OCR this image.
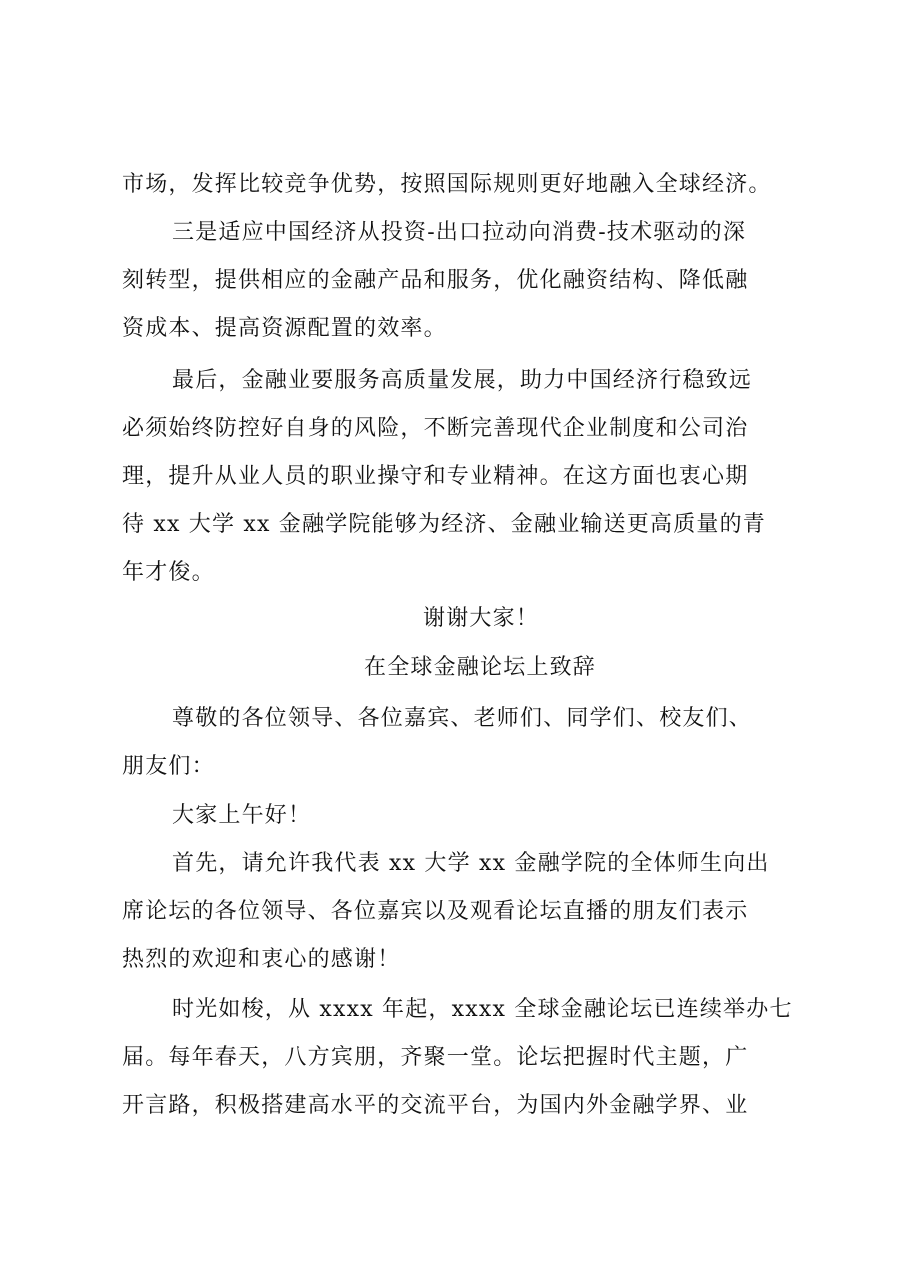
市场，发挥比较竞争优势，按照国际规则更好地融入全球经济。
三是适应中国经济从投资-出口拉动向消费-技术驱动的深
刻转型，提供相应的金融产品和服务，优化融资结构、降低融
资成本、提高资源配置的效率。
最后，金融业要服务高质量发展，助力中国经济行稳致远
必须始终防控好自身的风险，不断完善现代企业制度和公司治
理，提升从业人员的职业操守和专业精神。在这方面也衷心期
待 xx 大学 xx 金融学院能够为经济、金融业输送更高质量的青
年才俊。
谢谢大家！
在全球金融论坛上致辞
尊敬的各位领导、各位嘉宾、老师们、同学们、校友们、
朋友们：
大家上午好！
首先，请允许我代表 xx 大学 xx 金融学院的全体师生向出
席论坛的各位领导、各位嘉宾以及观看论坛直播的朋友们表示
热烈的欢迎和衷心的感谢！
时光如梭，从 xxxx 年起，xxxx 全球金融论坛已连续举办七
届。每年春天，八方宾朋，齐聚一堂。论坛把握时代主题，广
开言路，积极搭建高水平的交流平台，为国内外金融学界、业
